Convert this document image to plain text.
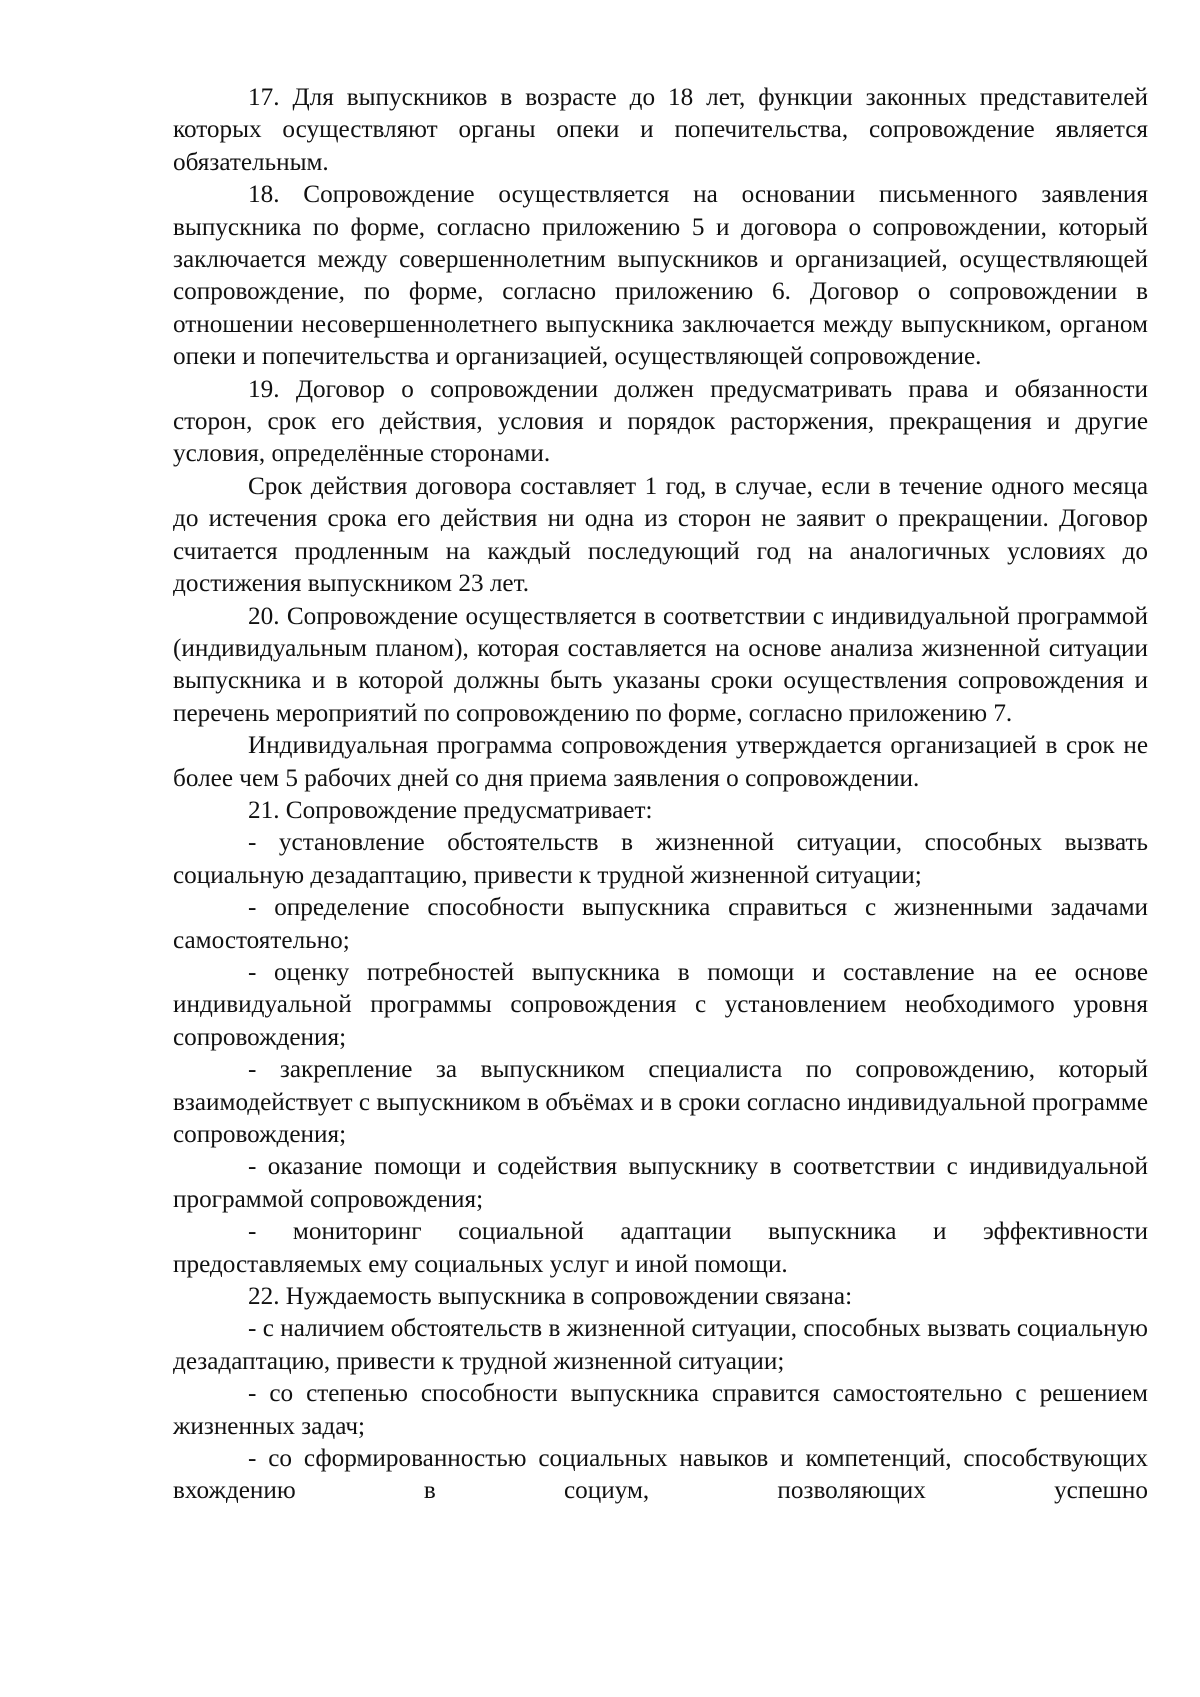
17. Для выпускников в возрасте до 18 лет, функции законных представителей которых осуществляют органы опеки и попечительства, сопровождение является обязательным.

18. Сопровождение осуществляется на основании письменного заявления выпускника по форме, согласно приложению 5 и договора о сопровождении, который заключается между совершеннолетним выпускников и организацией, осуществляющей сопровождение, по форме, согласно приложению 6. Договор о сопровождении в отношении несовершеннолетнего выпускника заключается между выпускником, органом опеки и попечительства и организацией, осуществляющей сопровождение.

19. Договор о сопровождении должен предусматривать права и обязанности сторон, срок его действия, условия и порядок расторжения, прекращения и другие условия, определённые сторонами.

Срок действия договора составляет 1 год, в случае, если в течение одного месяца до истечения срока его действия ни одна из сторон не заявит о прекращении. Договор считается продленным на каждый последующий год на аналогичных условиях до достижения выпускником 23 лет.

20. Сопровождение осуществляется в соответствии с индивидуальной программой (индивидуальным планом), которая составляется на основе анализа жизненной ситуации выпускника и в которой должны быть указаны сроки осуществления сопровождения и перечень мероприятий по сопровождению по форме, согласно приложению 7.

Индивидуальная программа сопровождения утверждается организацией в срок не более чем 5 рабочих дней со дня приема заявления о сопровождении.

21. Сопровождение предусматривает:

- установление обстоятельств в жизненной ситуации, способных вызвать социальную дезадаптацию, привести к трудной жизненной ситуации;

- определение способности выпускника справиться с жизненными задачами самостоятельно;

- оценку потребностей выпускника в помощи и составление на ее основе индивидуальной программы сопровождения с установлением необходимого уровня сопровождения;

- закрепление за выпускником специалиста по сопровождению, который взаимодействует с выпускником в объёмах и в сроки согласно индивидуальной программе сопровождения;

- оказание помощи и содействия выпускнику в соответствии с индивидуальной программой сопровождения;

- мониторинг социальной адаптации выпускника и эффективности предоставляемых ему социальных услуг и иной помощи.

22. Нуждаемость выпускника в сопровождении связана:

- с наличием обстоятельств в жизненной ситуации, способных вызвать социальную дезадаптацию, привести к трудной жизненной ситуации;

- со степенью способности выпускника справится самостоятельно с решением жизненных задач;

- со сформированностью социальных навыков и компетенций, способствующих вхождению в социум, позволяющих успешно
